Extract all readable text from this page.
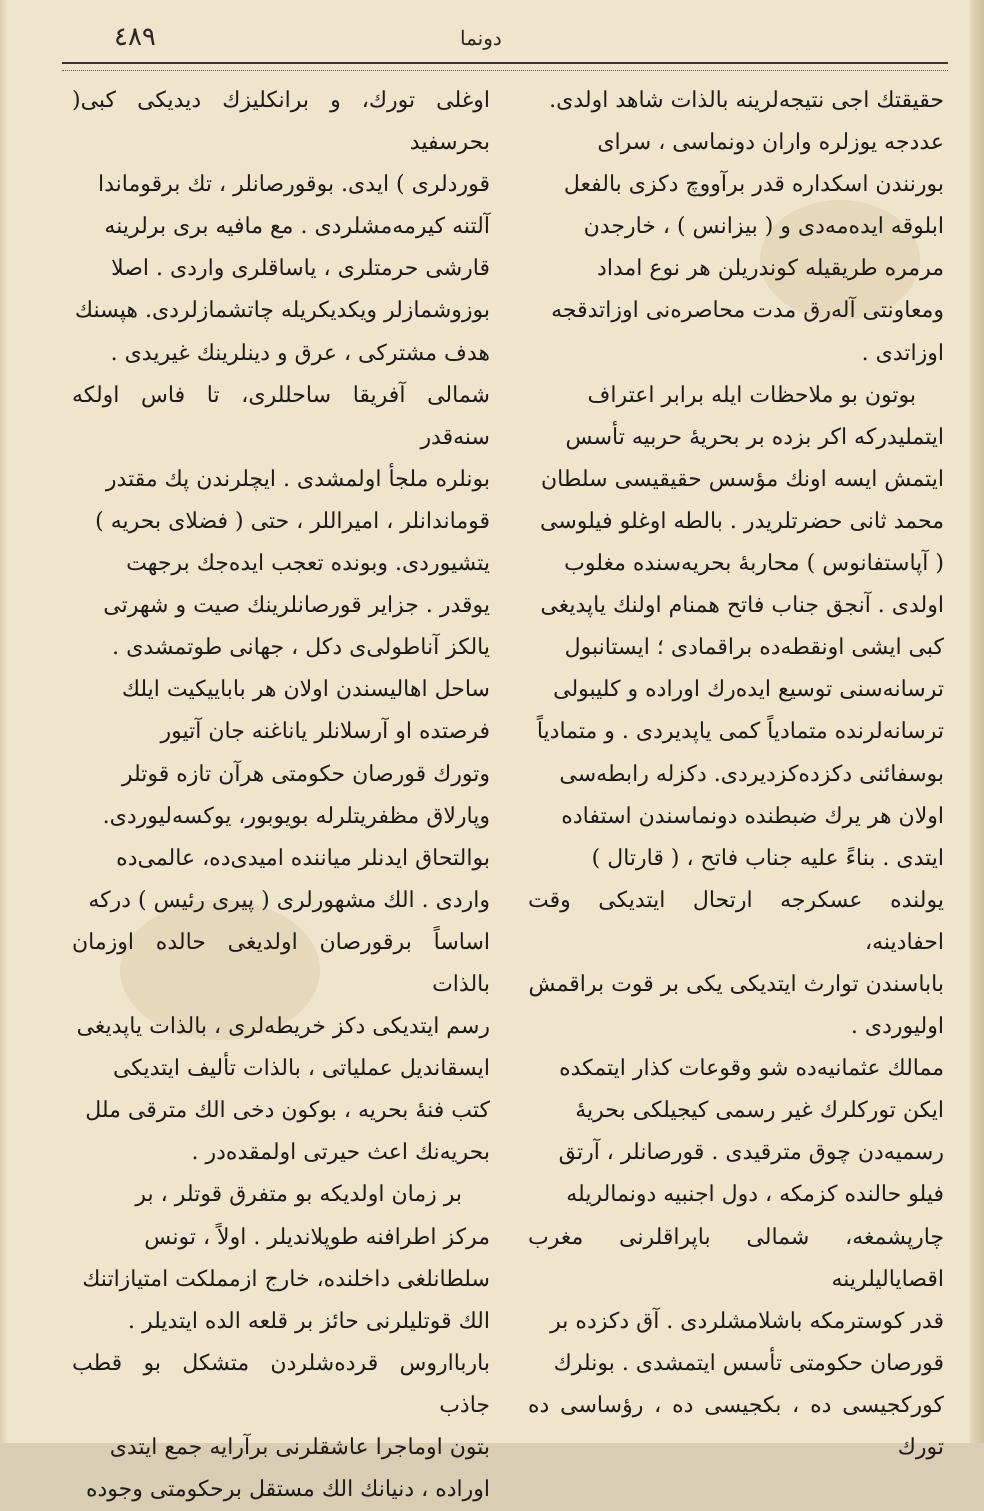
٤٨٩	دونما

حقیقتك اجی نتیجه‌لرینه بالذات شاهد اولدی.

عددجه یوزلره واران دونماسی ، سرای

بورنندن اسکداره قدر برآووچ دکزی بالفعل

ابلوقه ایده‌مه‌دی و ( بیزانس ) ، خارجدن

مرمره طریقیله کوندریلن هر نوع امداد

ومعاونتی آله‌رق مدت محاصره‌نی اوزاتدقجه

اوزاتدی .

بوتون بو ملاحظات ایله برابر اعتراف

ایتملیدرکه اکر بزده بر بحریهٔ حربیه تأسس

ایتمش ایسه اونك مؤسس حقیقیسی سلطان

محمد ثانی حضرتلریدر . بالطه اوغلو فیلوسی

( آپاستفانوس ) محاربهٔ بحریه‌سنده مغلوب

اولدی . آنجق جناب فاتح همنام اولنك یاپدیغی

کبی ایشی اونقطه‌ده براقمادی ؛ ایستانبول

ترسانه‌سنی توسیع ایده‌رك اوراده و کلیبولی

ترسانه‌لرنده متمادیاً کمی یاپدیردی . و متمادیاً

بوسفائنی دکزده‌کزدیردی. دکزله رابطه‌سی

اولان هر یرك ضبطنده دونماسندن استفاده

ایتدی . بناءً علیه جناب فاتح ، ( قارتال )

یولنده عسکرجه ارتحال ایتدیکی وقت احفادینه،

باباسندن توارث ایتدیکی یکی بر قوت براقمش

اولیوردی .

ممالك عثمانیه‌ده شو وقوعات کذار ایتمکده

ایکن تورکلرك غیر رسمی کیجیلکی بحریهٔ

رسمیه‌دن چوق مترقیدی . قورصانلر ، آرتق

فیلو حالنده کزمکه ، دول اجنبیه دونمالریله

چارپشمغه، شمالی باپراقلرنی مغرب اقصایالیلرینه

قدر کوسترمکه باشلامشلردی . آق دکزده بر

قورصان حکومتی تأسس ایتمشدی . بونلرك

کورکجیسی ده ، بکجیسی ده ، رؤساسی ده تورك

اوغلی تورك، و برانکلیزك دیدیکی کبی( بحرسفید

قوردلری ) ایدی. بوقورصانلر ، تك برقوماندا

آلتنه کیرمه‌مشلردی . مع مافیه بری برلرینه

قارشی حرمتلری ، یاساقلری واردی . اصلا

بوزوشمازلر ویکدیکریله چاتشمازلردی. هپسنك

هدف مشترکی ، عرق و دینلرینك غیریدی .

شمالی آفریقا ساحللری، تا فاس اولکه سنه‌قدر

بونلره ملجأ اولمشدی . ایچلرندن پك مقتدر

قوماندانلر ، امیراللر ، حتی ( فضلای بحریه )

یتشیوردی. وبونده تعجب ایده‌جك برجهت

یوقدر . جزایر قورصانلرینك صیت و شهرتی

یالکز آناطولی‌ی دکل ، جهانی طوتمشدی .

ساحل اهالیسندن اولان هر باباییکیت ایلك

فرصتده او آرسلانلر یاناغنه جان آتیور

وتورك قورصان حکومتی هرآن تازه قوتلر

وپارلاق مظفریتلرله بویوبور، یوکسه‌لیوردی.

بوالتحاق ایدنلر میاننده امیدی‌ده، عالمی‌ده

واردی . الك مشهورلری ( پیری رئیس ) درکه

اساساً برقورصان اولدیغی حالده اوزمان بالذات

رسم ایتدیکی دکز خریطه‌لری ، بالذات یاپدیغی

ایسقاندیل عملیاتی ، بالذات تألیف ایتدیکی

کتب فنهٔ بحریه ، بوکون دخی الك مترقی ملل

بحریه‌نك اعث حیرتی اولمقده‌در .

بر زمان اولدیکه بو متفرق قوتلر ، بر

مرکز اطرافنه طوپلاندیلر . اولاً ، تونس

سلطانلغی داخلنده، خارج ازمملکت امتیازاتنك

الك قوتلیلرنی حائز بر قلعه الده ایتدیلر .

باربااروس قرده‌شلردن متشکل بو قطب جاذب

بتون اوماجرا عاشقلرنی برآرایه جمع ایتدی

اوراده ، دنیانك الك مستقل برحکومتی وجوده
